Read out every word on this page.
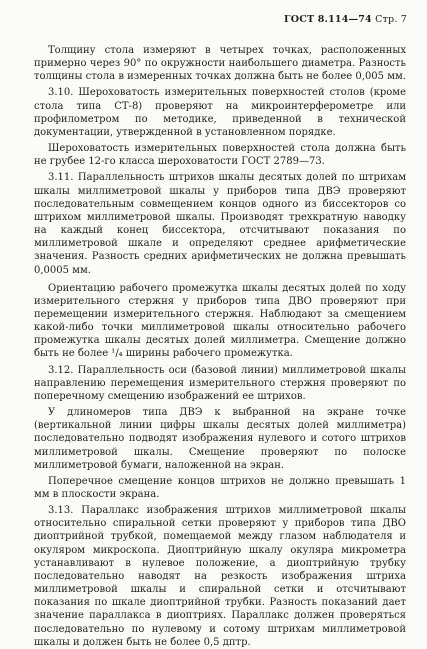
ГОСТ 8.114—74 Стр. 7

Толщину стола измеряют в четырех точках, расположенных примерно через 90° по окружности наибольшего диаметра. Разность толщины стола в измеренных точках должна быть не более 0,005 мм.

3.10. Шероховатость измерительных поверхностей столов (кроме стола типа СТ-8) проверяют на микроинтерферометре или профилометром по методике, приведенной в технической документации, утвержденной в установленном порядке.

Шероховатость измерительных поверхностей стола должна быть не грубее 12-го класса шероховатости ГОСТ 2789—73.

3.11. Параллельность штрихов шкалы десятых долей по штрихам шкалы миллиметровой шкалы у приборов типа ДВЭ проверяют последовательным совмещением концов одного из биссекторов со штрихом миллиметровой шкалы. Производят трехкратную наводку на каждый конец биссектора, отсчитывают показания по миллиметровой шкале и определяют среднее арифметические значения. Разность средних арифметических не должна превышать 0,0005 мм.

Ориентацию рабочего промежутка шкалы десятых долей по ходу измерительного стержня у приборов типа ДВО проверяют при перемещении измерительного стержня. Наблюдают за смещением какой-либо точки миллиметровой шкалы относительно рабочего промежутка шкалы десятых долей миллиметра. Смещение должно быть не более ¹/₄ ширины рабочего промежутка.

3.12. Параллельность оси (базовой линии) миллиметровой шкалы направлению перемещения измерительного стержня проверяют по поперечному смещению изображений ее штрихов.

У длиномеров типа ДВЭ к выбранной на экране точке (вертикальной линии цифры шкалы десятых долей миллиметра) последовательно подводят изображения нулевого и сотого штрихов миллиметровой шкалы. Смещение проверяют по полоске миллиметровой бумаги, наложенной на экран.

Поперечное смещение концов штрихов не должно превышать 1 мм в плоскости экрана.

3.13. Параллакс изображения штрихов миллиметровой шкалы относительно спиральной сетки проверяют у приборов типа ДВО диоптрийной трубкой, помещаемой между глазом наблюдателя и окуляром микроскопа. Диоптрийную шкалу окуляра микрометра устанавливают в нулевое положение, а диоптрийную трубку последовательно наводят на резкость изображения штриха миллиметровой шкалы и спиральной сетки и отсчитывают показания по шкале диоптрийной трубки. Разность показаний дает значение параллакса в диоптриях. Параллакс должен проверяться последовательно по нулевому и сотому штрихам миллиметровой шкалы и должен быть не более 0,5 дптр.
